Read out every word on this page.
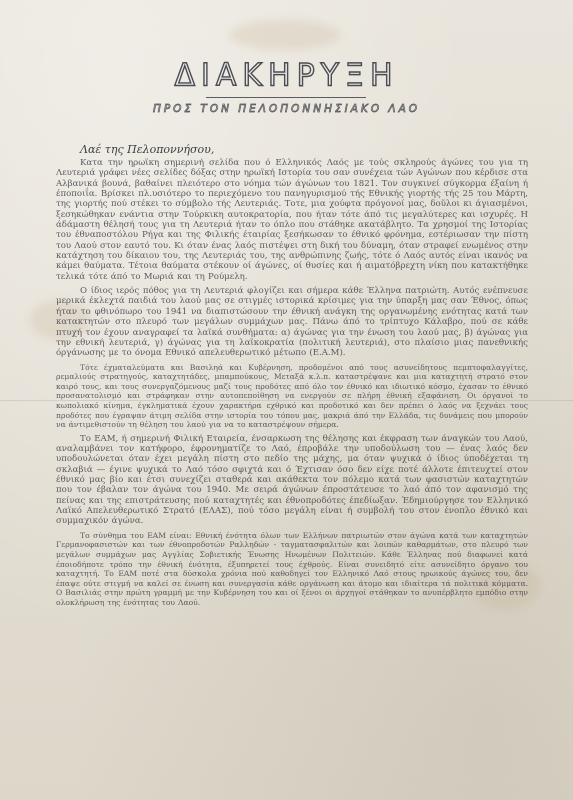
ΔΙΑΚΗΡΥΞΗ
ΠΡΟΣ ΤΟΝ ΠΕΛΟΠΟΝΝΗΣΙΑΚΟ ΛΑΟ
Λαέ της Πελοποννήσου,

Κατα την ηρωϊκη σημερινή σελίδα που ό Ελληνικός Λαός με τούς σκληρούς άγώνες του για τη Λευτεριά γράφει νέες σελίδες δόξας στην ηρωϊκή Ιστορία του σαν συνέχεια τών Αγώνων που κέρδισε στα Αλβανικά βουνά, βαθαίνει πλειότερο στο νόημα τών άγώνων του 1821. Τον συγκινεί σύγκορμα έξαίνη ή έποποιΐα. Βρίσκει πλ.υσιότερο το περιεχόμενο του πανηγυρισμού τής Εθνικής γιορτής τής 25 του Μάρτη, της γιορτής πού στέκει το σύμβολο τής Λευτεριάς. Τοτε, μια χούφτα πρόγονοί μας, δοῦλοι κι άγιασμένοι, ξεσηκώθηκαν ενάντια στην Τούρκικη αυτοκρατορία, που ήταν τότε άπό τις μεγαλύτερες και ισχυρές. Η άδάμαστη θέλησή τους για τη Λευτεριά ήταν το όπλο που στάθηκε ακατάβλητο. Τα χρησμοί της Ιστορίας του έθναποστόλου Ρήγα και της Φιλικής έταιρίας ξεσήκωσαν το έθνικό φρόνημα, εστέριωσαν την πίστη του Λαού στον εαυτό του. Κι όταν ένας λαός πιστέψει στη δική του δύναμη, όταν στραφεί ενωμένος στην κατάχτηση του δίκαιου του, της Λευτεριάς του, της ανθρώπινης ζωής, τότε ό Λαός αυτός είναι ικανός να κάμει θαύματα. Τέτοια θαύματα στέκουν οί άγώνες, οί θυσίες και ή αιματόβρεχτη νίκη που κατακτήθηκε τελικά τότε άπό το Μωριά και τη Ρούμελη.

Ο ίδιος ιερός πόθος για τη Λευτεριά φλογίζει και σήμερα κάθε Έλληνα πατριώτη. Αυτός ενέπνευσε μερικά έκλεχτά παιδιά του λαού μας σε στιγμές ιστορικά κρίσιμες για την ύπαρξη μας σαν Έθνος, όπως ήταν το φθινόπωρο του 1941 να διαπιστώσουν την έθνική ανάγκη της οργανωμένης ενότητας κατά των κατακτητών στο πλευρό των μεγάλων συμμάχων μας. Πάνω άπό το τρίπτυχο Κάλαβρο, πού σε κάθε πτυχή τον έχουν αναγραφεί τα λαϊκά συνθήματα: α) άγώνας για την ένωση του λαού μας, β) άγώνας για την εθνική λευτεριά, γ) άγώνας για τη λαϊκοκρατία (πολιτική λευτεριά), στο πλαίσιο μιας πανεθνικής όργάνωσης με το όνομα Εθνικό απελευθερωτικό μέτωπο (Ε.Α.Μ).

Τότε έχματαλεύματα και Βασιληά και Κυβέρνηση, προδομένοι από τους ασυνείδητους πεμπτοφαλαγγίτες, ρεμαλιούς στρατηγούς, καταχτητάδες, μπαμπούκους, Μεταξά κ.λ.π. καταστρέψανε και μια καταχτητή στρατό στον καιρό τους, και τους συνεργαζόμενους μαζί τους προδότες από όλο τον έθνικό και ιδιωτικό κόσμο, έχασαν το έθνικό προσανατολισμό και στράφηκαν στην αυτοπεποίθηση να ενεργούν σε πλήρη έθνική εξαφάνιση. Οι όργανοί το κωπολιακό κίνημα, έγκληματικά έχουν χαρακτήρα εχθρικό και προδοτικό και δεν πρέπει ό λαός να ξεχνάει τους προδότες που έγραψαν άτιμη σελίδα στην ιστορία του τόπου μας, μακριά άπό την Ελλάδα, τις δυνάμεις που μπορούν να άντιμεθιστούν τη θέληση του λαού για να το καταστρέψουν σήμερα.

Το ΕΑΜ, ή σημερινή Φιλική Εταιρεία, ένσαρκωση της θέλησης και έκφραση των άναγκών του Λαού, αναλαμβάνει τον κατήφορο, έφρονηματίζε το Λαό, έπροβάλε την υποδούλωση του — ένας λαός δεν υποδουλώνεται όταν έχει μεγάλη πίστη στο πεδίο της μάχης, μα όταν ψυχικά ό ίδιος ύποδέχεται τη σκλαβιά — έγινε ψυχικά το Λαό τόσο σφιχτά και ό Έχτισαν όσο δεν είχε ποτέ άλλοτε έπιτευχτεί στον έθνικό μας βίο και έτσι συνεχίζει σταθερά και ακάθεκτα τον πόλεμο κατά των φασιστών καταχτητών που τον έβαλαν τον άγώνα του 1940. Με σειρά άγώνων έπροστάτευσε το λαό άπό τον αφανισμό της πείνας και της επιστράτευσης πού καταχτητές και έθνοπροδότες έπεδίωξαν. Έδημιούργησε τον Ελληνικό Λαϊκό Απελευθερωτικό Στρατό (ΕΛΑΣ), πού τόσο μεγάλη είναι ή συμβολή του στον ένοπλο έθνικό και συμμαχικόν άγώνα.

Το σύνθημα του ΕΑΜ είναι: Εθνική ένότητα όλων των Ελλήνων πατριωτών στον άγώνα κατά των καταχτητών Γερμανοφασιστών και των έθνοπροδοτών Ραλληδών - ταγματασφαλιτών και λοιπών καθαρμάτων, στο πλευρό των μεγάλων συμμάχων μας Αγγλίας Σοβιετικής Ένωσης Ηνωμένων Πολιτειών. Κάθε Έλληνας πού διαφωνεί κατά έποιοδήποτε τρόπο την έθνική ένότητα, έξυπηρετεί τους έχθρούς. Είναι συνειδητό είτε ασυνείδητο όργανο του καταχτητή. Το ΕΑΜ ποτέ στα δύσκολα χρόνια πού καθοδηγεί τον Ελληνικό Λαό στους ηρωικούς άγώνες του, δεν έπαψε ούτε στιγμή να καλεί σε ένωση και συνεργασία κάθε οργάνωση και άτομο και ιδιαίτερα τά πολιτικά κόμματα. Ο Βασιλιάς στην πρώτη γραμμή με την Κυβέρνηση του και οί ξένοι οι άρχηγοί στάθηκαν το ανυπέρβλητο εμπόδιο στην ολοκλήρωση της ένότητας του Λαού.
